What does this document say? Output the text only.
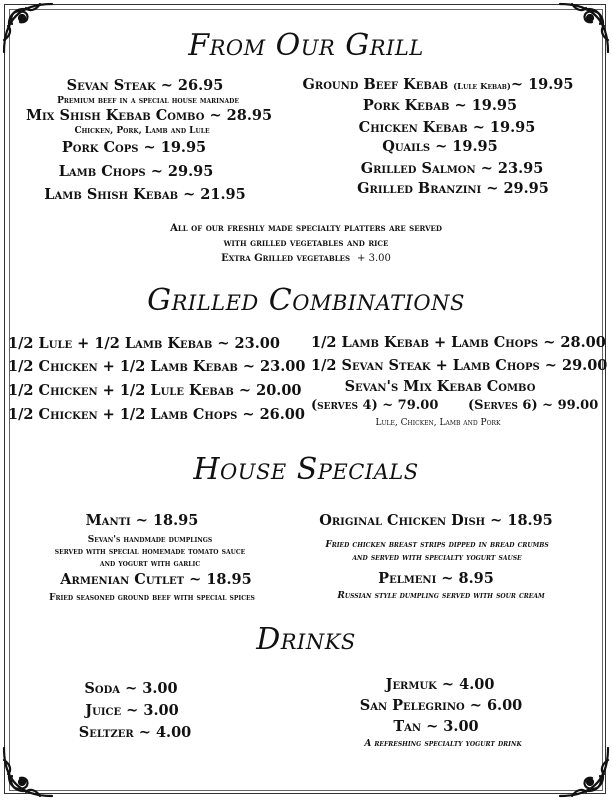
From Our Grill
Sevan Steak ~ 26.95
Premium beef in a special house marinade
Mix Shish Kebab Combo ~ 28.95
Chicken, Pork, Lamb and Lule
Pork Cops ~ 19.95
Lamb Chops ~ 29.95
Lamb Shish Kebab ~ 21.95
Ground Beef Kebab (Lule Kebab)~ 19.95
Pork Kebab ~ 19.95
Chicken Kebab ~ 19.95
Quails ~ 19.95
Grilled Salmon ~ 23.95
Grilled Branzini ~ 29.95
All of our freshly made specialty platters are served
with grilled vegetables and rice
Extra Grilled vegetables + 3.00
Grilled Combinations
1/2 Lule + 1/2 Lamb Kebab ~ 23.00
1/2 Chicken + 1/2 Lamb Kebab ~ 23.00
1/2 Chicken + 1/2 Lule Kebab ~ 20.00
1/2 Chicken + 1/2 Lamb Chops ~ 26.00
1/2 Lamb Kebab + Lamb Chops ~ 28.00
1/2 Sevan Steak + Lamb Chops ~ 29.00
Sevan's Mix Kebab Combo
(serves 4) ~ 79.00 (Serves 6) ~ 99.00
Lule, Chicken, Lamb and Pork
House Specials
Manti ~ 18.95
Sevan's handmade dumplings
served with special homemade tomato sauce
and yogurt with garlic
Armenian Cutlet ~ 18.95
Fried seasoned ground beef with special spices
Original Chicken Dish ~ 18.95
Fried chicken breast strips dipped in bread crumbs
and served with specialty yogurt sause
Pelmeni ~ 8.95
Russian style dumpling served with sour cream
Drinks
Soda ~ 3.00
Juice ~ 3.00
Seltzer ~ 4.00
Jermuk ~ 4.00
San Pelegrino ~ 6.00
Tan ~ 3.00
A refreshing specialty yogurt drink
